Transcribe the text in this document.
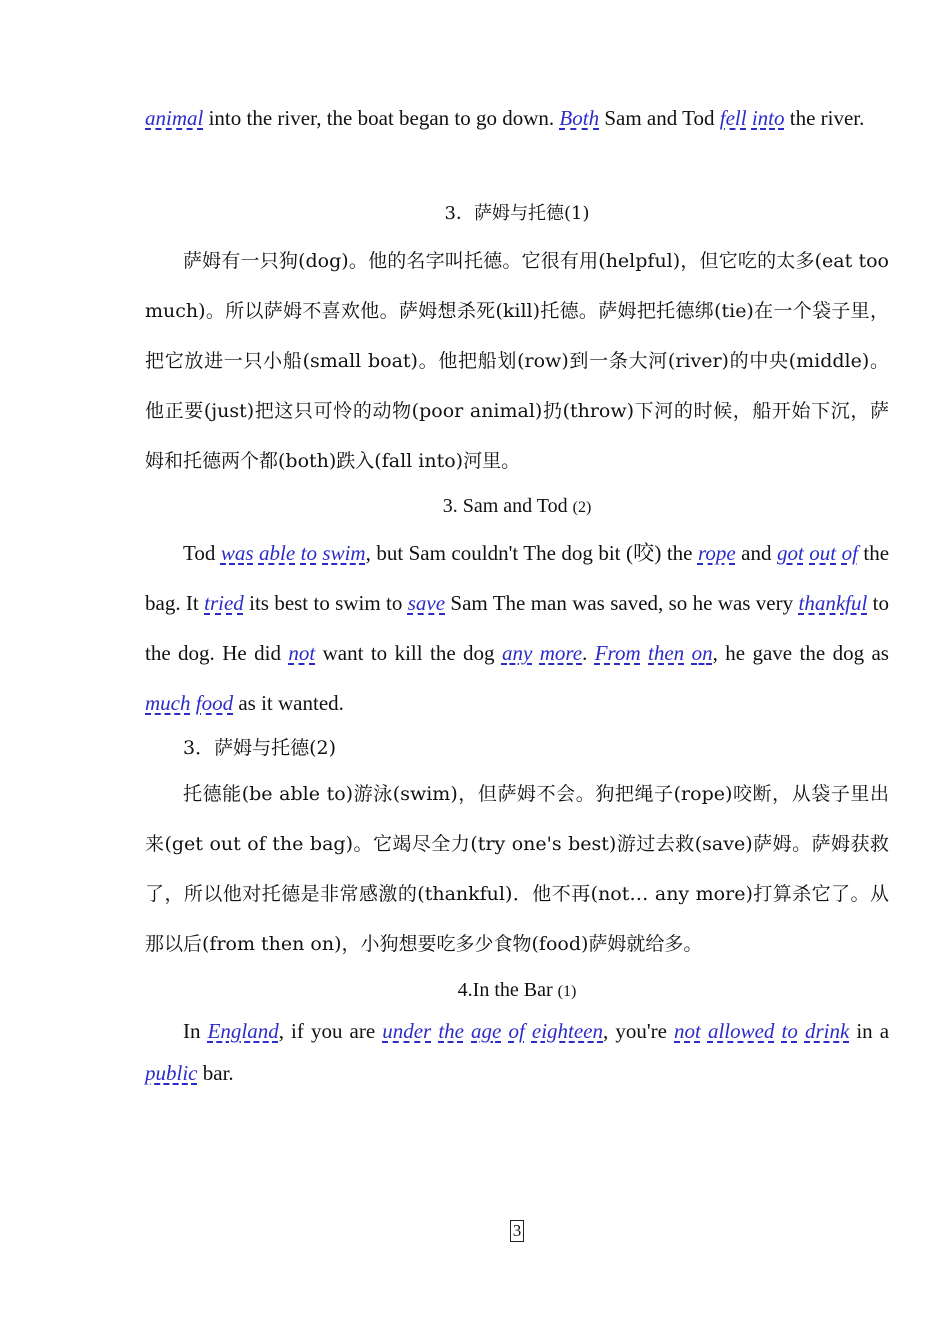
animal into the river, the boat began to go down. Both Sam and Tod fell into the river.
3．萨姆与托德(1)
萨姆有一只狗(dog)。他的名字叫托德。它很有用(helpful)，但它吃的太多(eat too much)。所以萨姆不喜欢他。萨姆想杀死(kill)托德。萨姆把托德绑(tie)在一个袋子里，把它放进一只小船(small boat)。他把船划(row)到一条大河(river)的中央(middle)。他正要(just)把这只可怜的动物(poor animal)扔(throw)下河的时候，船开始下沉，萨姆和托德两个都(both)跌入(fall into)河里。
3. Sam and Tod (2)
Tod was able to swim, but Sam couldn't The dog bit (咬) the rope and got out of the bag. It tried its best to swim to save Sam The man was saved, so he was very thankful to the dog. He did not want to kill the dog any more. From then on, he gave the dog as much food as it wanted.
3．萨姆与托德(2)
托德能(be able to)游泳(swim)，但萨姆不会。狗把绳子(rope)咬断，从袋子里出来(get out of the bag)。它竭尽全力(try one's best)游过去救(save)萨姆。萨姆获救了，所以他对托德是非常感激的(thankful)．他不再(not… any more)打算杀它了。从那以后(from then on)，小狗想要吃多少食物(food)萨姆就给多。
4.In the Bar (1)
In England, if you are under the age of eighteen, you're not allowed to drink in a public bar.
3
